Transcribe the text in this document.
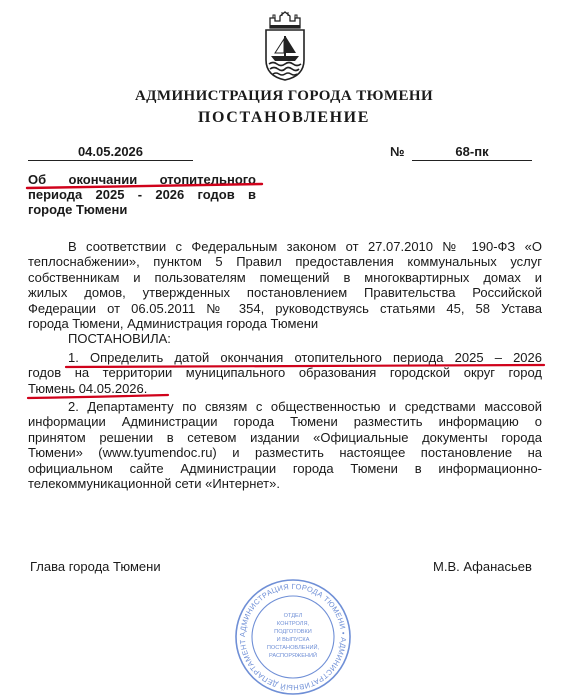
АДМИНИСТРАЦИЯ ГОРОДА ТЮМЕНИ
ПОСТАНОВЛЕНИЕ
04.05.2026	№	68-пк
Об окончании отопительного
периода 2025 - 2026 годов в
городе Тюмени
В соответствии с Федеральным законом от 27.07.2010 № 190-ФЗ «О
теплоснабжении», пунктом 5 Правил предоставления коммунальных услуг
собственникам и пользователям помещений в многоквартирных домах и
жилых домов, утвержденных постановлением Правительства Российской
Федерации от 06.05.2011 № 354, руководствуясь статьями 45, 58 Устава
города Тюмени, Администрация города Тюмени
ПОСТАНОВИЛА:
1. Определить датой окончания отопительного периода 2025 – 2026
годов на территории муниципального образования городской округ город
Тюмень 04.05.2026.
2. Департаменту по связям с общественностью и средствами массовой
информации Администрации города Тюмени разместить информацию о
принятом решении в сетевом издании «Официальные документы города
Тюмени» (www.tyumendoc.ru) и разместить настоящее постановление на
официальном сайте Администрации города Тюмени в информационно-
телекоммуникационной сети «Интернет».
Глава города Тюмени	М.В. Афанасьев
АДМИНИСТРАЦИЯ ГОРОДА ТЮМЕНИ • АДМИНИСТРАТИВНЫЙ ДЕПАРТАМЕНТ
ОТДЕЛ
КОНТРОЛЯ,
ПОДГОТОВКИ
И ВЫПУСКА
ПОСТАНОВЛЕНИЙ,
РАСПОРЯЖЕНИЙ
